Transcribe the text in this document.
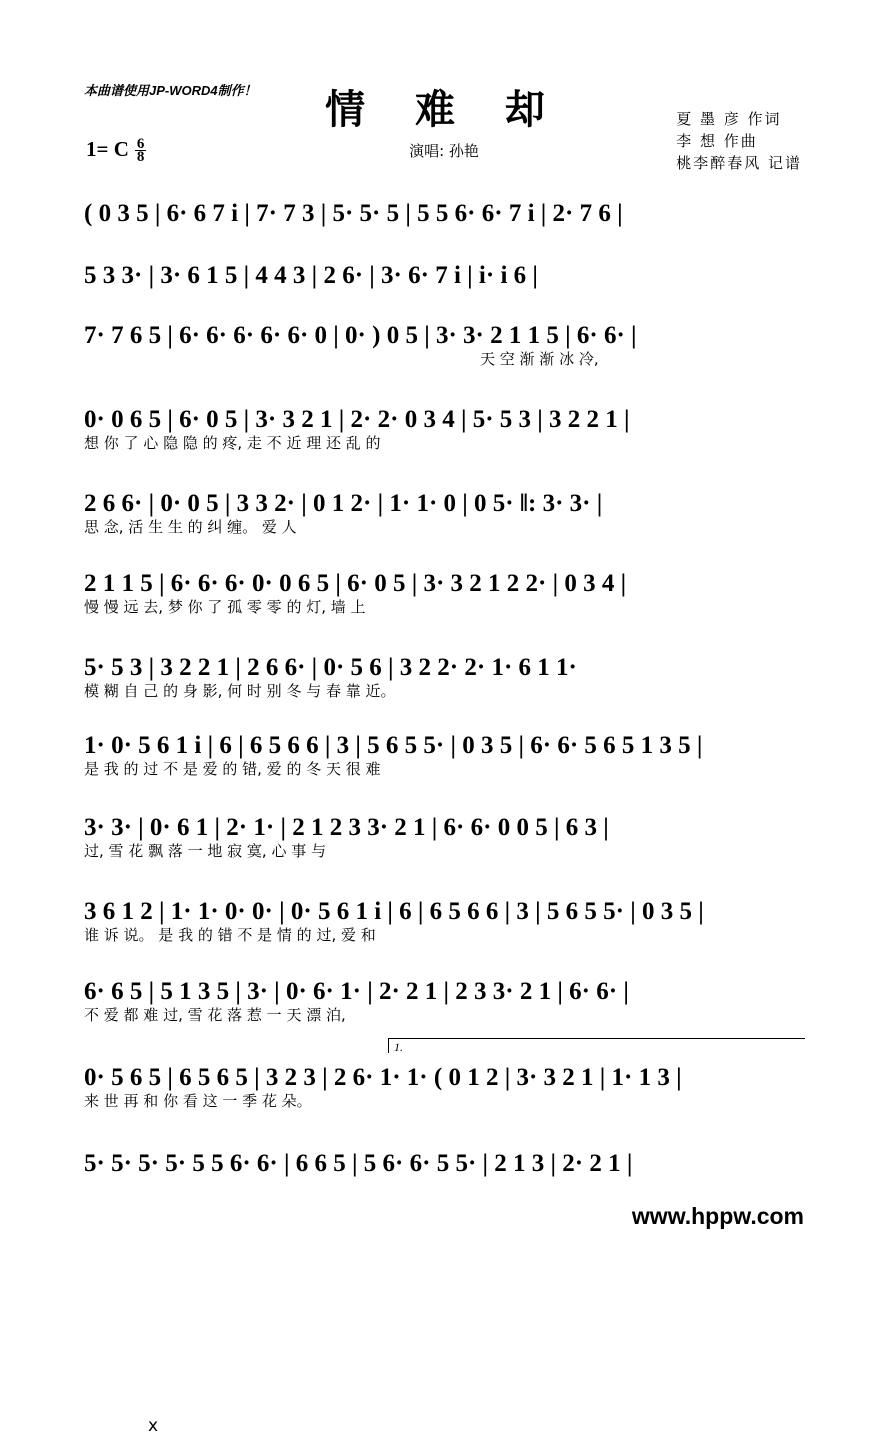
本曲谱使用JP-WORD4制作！	情 难 却
演唱: 孙艳
夏 墨 彦 作词
李 想 作曲
桃李醉春风 记谱
1= C $\frac{6}{8}$
( 0 3 5 | 6· 6 7 i | 7· 7 3 | 5· 5· 5 | 5 5 6· 6· 7 i | 2· 7 6 |
5 3 3· | 3· 6 1 5 | 4 4 3 | 2 6· | 3· 6· 7 i | i· i 6 |
7· 7 6 5 | 6· 6· 6· 6· 6· 0 | 0· ) 0 5 | 3· 3· 2 1 1 5 | 6· 6· |
天 空 渐 渐 冰 冷,
0· 0 6 5 | 6· 0 5 | 3· 3 2 1 | 2· 2· 0 3 4 | 5· 5 3 | 3 2 2 1 |
想 你 了 心 隐 隐 的 疼, 走 不 近 理 还 乱 的
2 6 6· | 0· 0 5 | 3 3 2· | 0 1 2· | 1· 1· 0 | 0 5· ‖: 3· 3· |
思 念, 活 生 生 的 纠 缠。 爱 人
2 1 1 5 | 6· 6· 6· 0· 0 6 5 | 6· 0 5 | 3· 3 2 1 2 2· | 0 3 4 |
慢 慢 远 去, 梦 你 了 孤 零 零 的 灯, 墙 上
5· 5 3 | 3 2 2 1 | 2 6 6· | 0· 5 6 | 3 2 2· 2· 1· 6 1 1·
模 糊 自 己 的 身 影, 何 时 别 冬 与 春 靠 近。
x
1· 0· 5 6 1 i | 6 | 6 5 6 6 | 3 | 5 6 5 5· | 0 3 5 | 6· 6· 5 6 5 1 3 5 |
是 我 的 过 不 是 爱 的 错, 爱 的 冬 天 很 难
3· 3· | 0· 6 1 | 2· 1· | 2 1 2 3 3· 2 1 | 6· 6· 0 0 5 | 6 3 |
过, 雪 花 飘 落 一 地 寂 寞, 心 事 与
3 6 1 2 | 1· 1· 0· 0· | 0· 5 6 1 i | 6 | 6 5 6 6 | 3 | 5 6 5 5· | 0 3 5 |
谁 诉 说。 是 我 的 错 不 是 情 的 过, 爱 和
6· 6 5 | 5 1 3 5 | 3· | 0· 6· 1· | 2· 2 1 | 2 3 3· 2 1 | 6· 6· |
不 爱 都 难 过, 雪 花 落 惹 一 天 漂 泊,
1.
0· 5 6 5 | 6 5 6 5 | 3 2 3 | 2 6· 1· 1· ( 0 1 2 | 3· 3 2 1 | 1· 1 3 |
来 世 再 和 你 看 这 一 季 花 朵。
5· 5· 5· 5· 5 5 6· 6· | 6 6 5 | 5 6· 6· 5 5· | 2 1 3 | 2· 2 1 |
www.hppw.com
